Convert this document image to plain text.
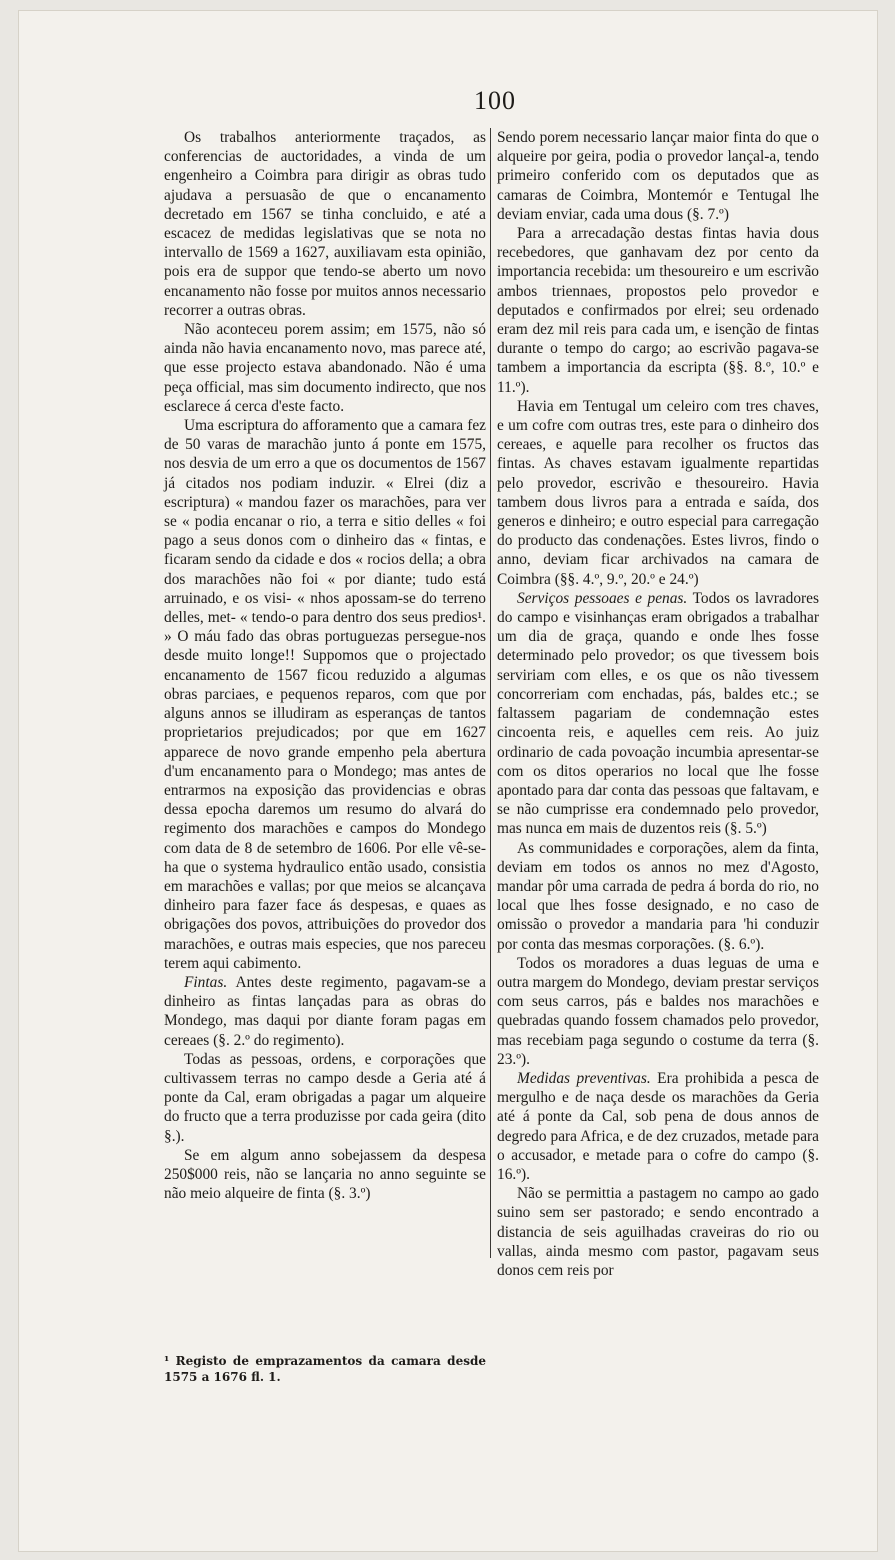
100

Os trabalhos anteriormente traçados, as conferencias de auctoridades, a vinda de um engenheiro a Coimbra para dirigir as obras tudo ajudava a persuasão de que o encanamento decretado em 1567 se tinha concluido, e até a escacez de medidas legislativas que se nota no intervallo de 1569 a 1627, auxiliavam esta opinião, pois era de suppor que tendo-se aberto um novo encanamento não fosse por muitos annos necessario recorrer a outras obras.

Não aconteceu porem assim; em 1575, não só ainda não havia encanamento novo, mas parece até, que esse projecto estava abandonado. Não é uma peça official, mas sim documento indirecto, que nos esclarece á cerca d'este facto.

Uma escriptura do afforamento que a camara fez de 50 varas de marachão junto á ponte em 1575, nos desvia de um erro a que os documentos de 1567 já citados nos podiam induzir. « Elrei (diz a escriptura) « mandou fazer os marachões, para ver se « podia encanar o rio, a terra e sitio delles « foi pago a seus donos com o dinheiro das « fintas, e ficaram sendo da cidade e dos « rocios della; a obra dos marachões não foi « por diante; tudo está arruinado, e os visi- « nhos apossam-se do terreno delles, met- « tendo-o para dentro dos seus predios¹. » O máu fado das obras portuguezas persegue-nos desde muito longe!! Suppomos que o projectado encanamento de 1567 ficou reduzido a algumas obras parciaes, e pequenos reparos, com que por alguns annos se illudiram as esperanças de tantos proprietarios prejudicados; por que em 1627 apparece de novo grande empenho pela abertura d'um encanamento para o Mondego; mas antes de entrarmos na exposição das providencias e obras dessa epocha daremos um resumo do alvará do regimento dos marachões e campos do Mondego com data de 8 de setembro de 1606. Por elle vê-se-ha que o systema hydraulico então usado, consistia em marachões e vallas; por que meios se alcançava dinheiro para fazer face ás despesas, e quaes as obrigações dos povos, attribuições do provedor dos marachões, e outras mais especies, que nos pareceu terem aqui cabimento.

Fintas. Antes deste regimento, pagavam-se a dinheiro as fintas lançadas para as obras do Mondego, mas daqui por diante foram pagas em cereaes (§. 2.º do regimento).

Todas as pessoas, ordens, e corporações que cultivassem terras no campo desde a Geria até á ponte da Cal, eram obrigadas a pagar um alqueire do fructo que a terra produzisse por cada geira (dito §.).

Se em algum anno sobejassem da despesa 250$000 reis, não se lançaria no anno seguinte se não meio alqueire de finta (§. 3.º)

¹ Registo de emprazamentos da camara desde 1575 a 1676 fl. 1.

Sendo porem necessario lançar maior finta do que o alqueire por geira, podia o provedor lançal-a, tendo primeiro conferido com os deputados que as camaras de Coimbra, Montemór e Tentugal lhe deviam enviar, cada uma dous (§. 7.º)

Para a arrecadação destas fintas havia dous recebedores, que ganhavam dez por cento da importancia recebida: um thesoureiro e um escrivão ambos triennaes, propostos pelo provedor e deputados e confirmados por elrei; seu ordenado eram dez mil reis para cada um, e isenção de fintas durante o tempo do cargo; ao escrivão pagava-se tambem a importancia da escripta (§§. 8.º, 10.º e 11.º).

Havia em Tentugal um celeiro com tres chaves, e um cofre com outras tres, este para o dinheiro dos cereaes, e aquelle para recolher os fructos das fintas. As chaves estavam igualmente repartidas pelo provedor, escrivão e thesoureiro. Havia tambem dous livros para a entrada e saída, dos generos e dinheiro; e outro especial para carregação do producto das condenações. Estes livros, findo o anno, deviam ficar archivados na camara de Coimbra (§§. 4.º, 9.º, 20.º e 24.º)

Serviços pessoaes e penas. Todos os lavradores do campo e visinhanças eram obrigados a trabalhar um dia de graça, quando e onde lhes fosse determinado pelo provedor; os que tivessem bois serviriam com elles, e os que os não tivessem concorreriam com enchadas, pás, baldes etc.; se faltassem pagariam de condemnação estes cincoenta reis, e aquelles cem reis. Ao juiz ordinario de cada povoação incumbia apresentar-se com os ditos operarios no local que lhe fosse apontado para dar conta das pessoas que faltavam, e se não cumprisse era condemnado pelo provedor, mas nunca em mais de duzentos reis (§. 5.º)

As communidades e corporações, alem da finta, deviam em todos os annos no mez d'Agosto, mandar pôr uma carrada de pedra á borda do rio, no local que lhes fosse designado, e no caso de omissão o provedor a mandaria para 'hi conduzir por conta das mesmas corporações. (§. 6.º).

Todos os moradores a duas leguas de uma e outra margem do Mondego, deviam prestar serviços com seus carros, pás e baldes nos marachões e quebradas quando fossem chamados pelo provedor, mas recebiam paga segundo o costume da terra (§. 23.º).

Medidas preventivas. Era prohibida a pesca de mergulho e de naça desde os marachões da Geria até á ponte da Cal, sob pena de dous annos de degredo para Africa, e de dez cruzados, metade para o accusador, e metade para o cofre do campo (§. 16.º).

Não se permittia a pastagem no campo ao gado suino sem ser pastorado; e sendo encontrado a distancia de seis aguilhadas craveiras do rio ou vallas, ainda mesmo com pastor, pagavam seus donos cem reis por
